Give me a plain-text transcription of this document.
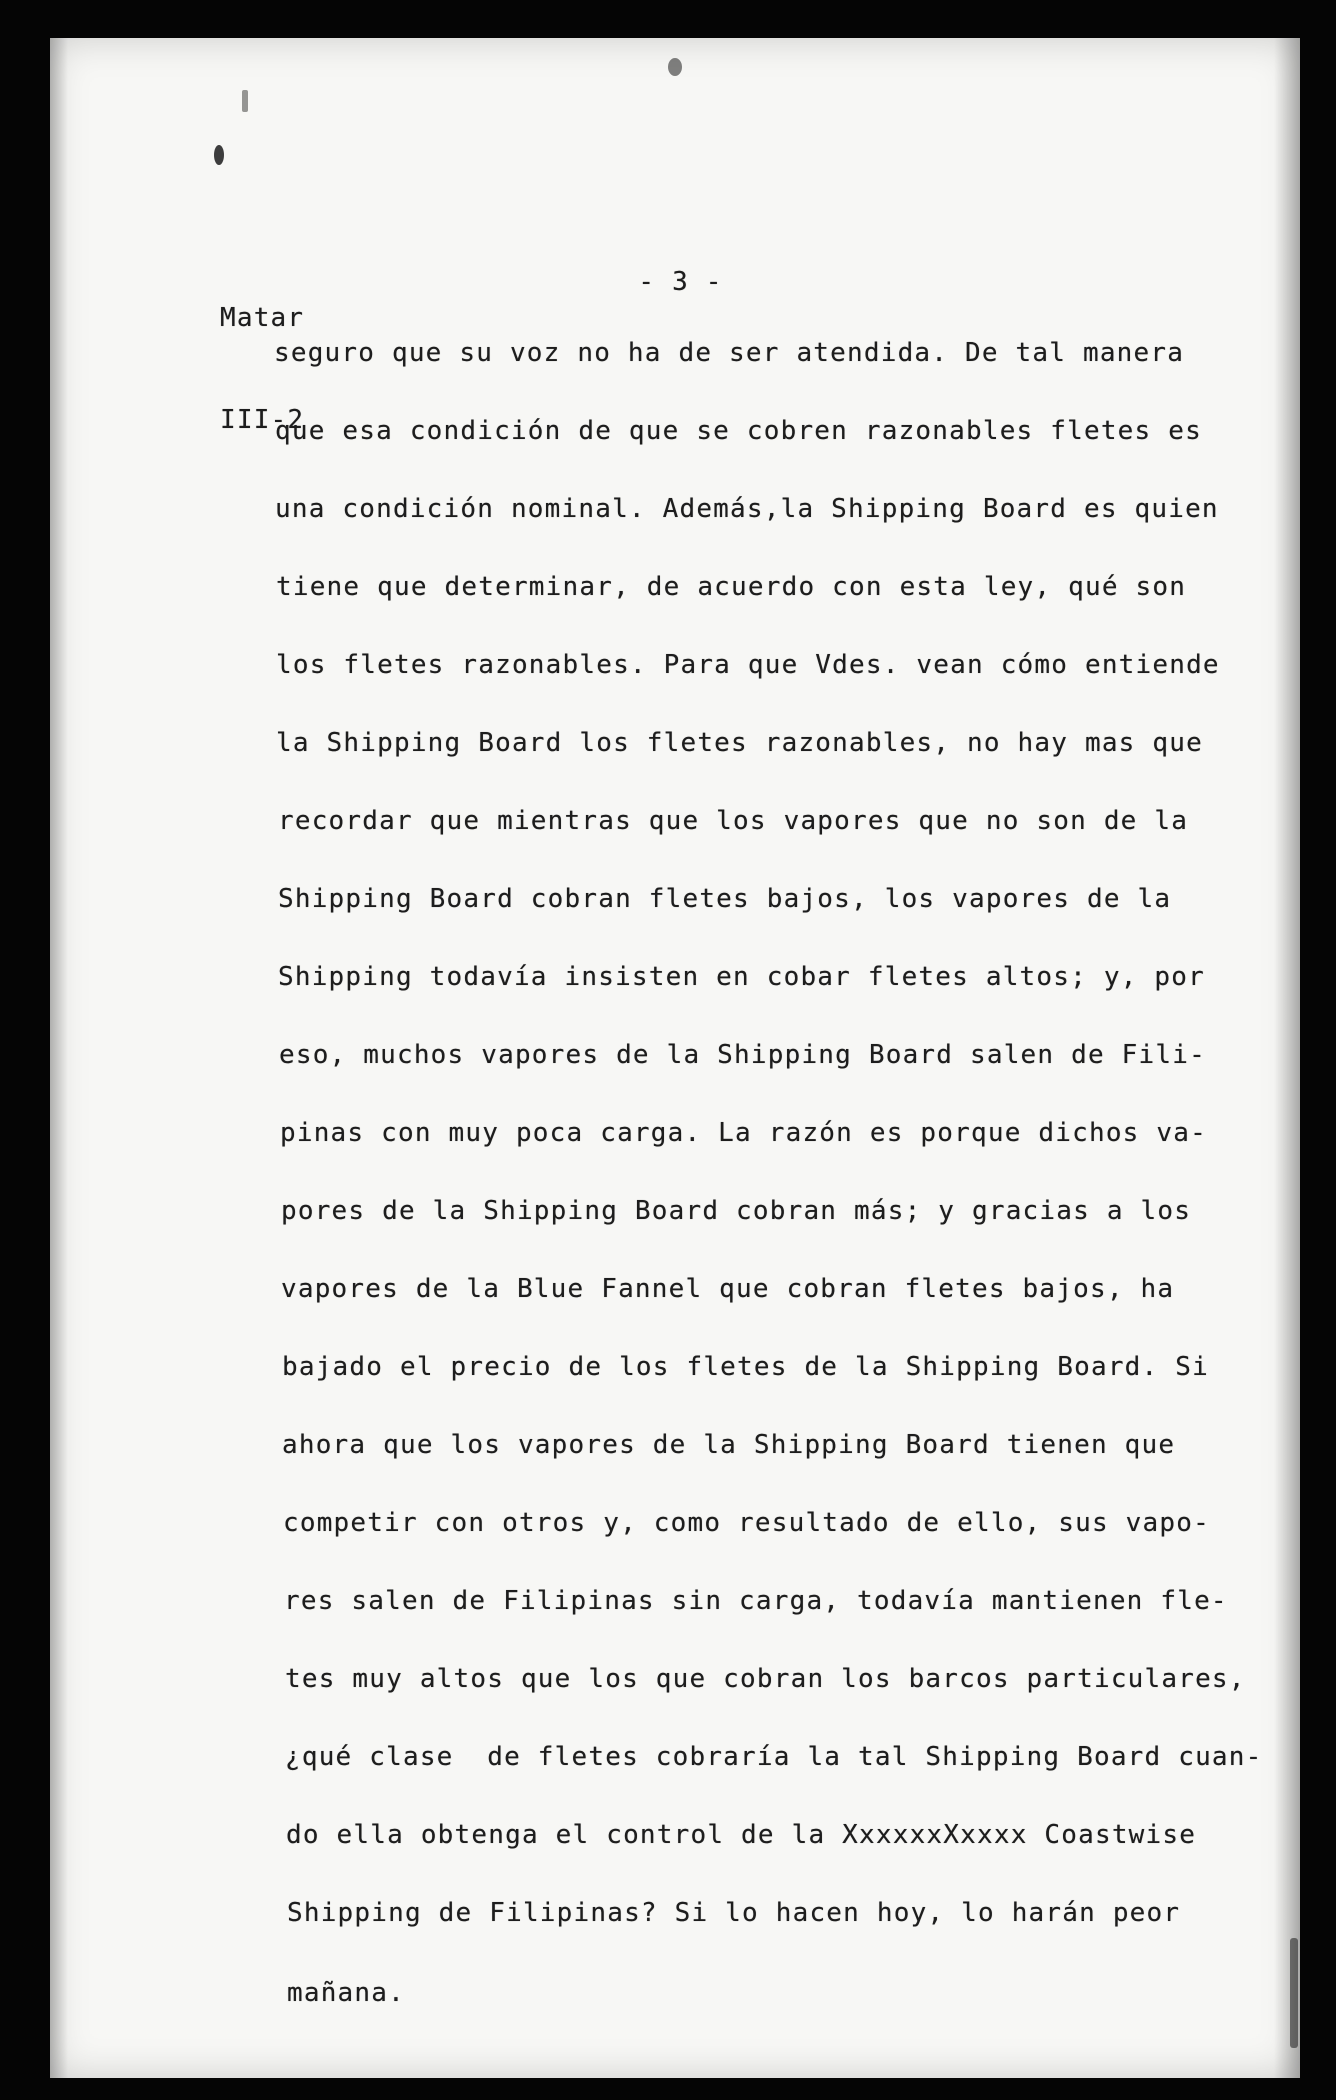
Matar

III-2

- 3 -
seguro que su voz no ha de ser atendida. De tal manera
que esa condición de que se cobren razonables fletes es
una condición nominal. Además,la Shipping Board es quien
tiene que determinar, de acuerdo con esta ley, qué son
los fletes razonables. Para que Vdes. vean cómo entiende
la Shipping Board los fletes razonables, no hay mas que
recordar que mientras que los vapores que no son de la
Shipping Board cobran fletes bajos, los vapores de la
Shipping todavía insisten en cobar fletes altos; y, por
eso, muchos vapores de la Shipping Board salen de Fili-
pinas con muy poca carga. La razón es porque dichos va-
pores de la Shipping Board cobran más; y gracias a los
vapores de la Blue Fannel que cobran fletes bajos, ha
bajado el precio de los fletes de la Shipping Board. Si
ahora que los vapores de la Shipping Board tienen que
competir con otros y, como resultado de ello, sus vapo-
res salen de Filipinas sin carga, todavía mantienen fle-
tes muy altos que los que cobran los barcos particulares,
¿qué clase  de fletes cobraría la tal Shipping Board cuan-
do ella obtenga el control de la XxxxxxXxxxx Coastwise
Shipping de Filipinas? Si lo hacen hoy, lo harán peor
mañana.
